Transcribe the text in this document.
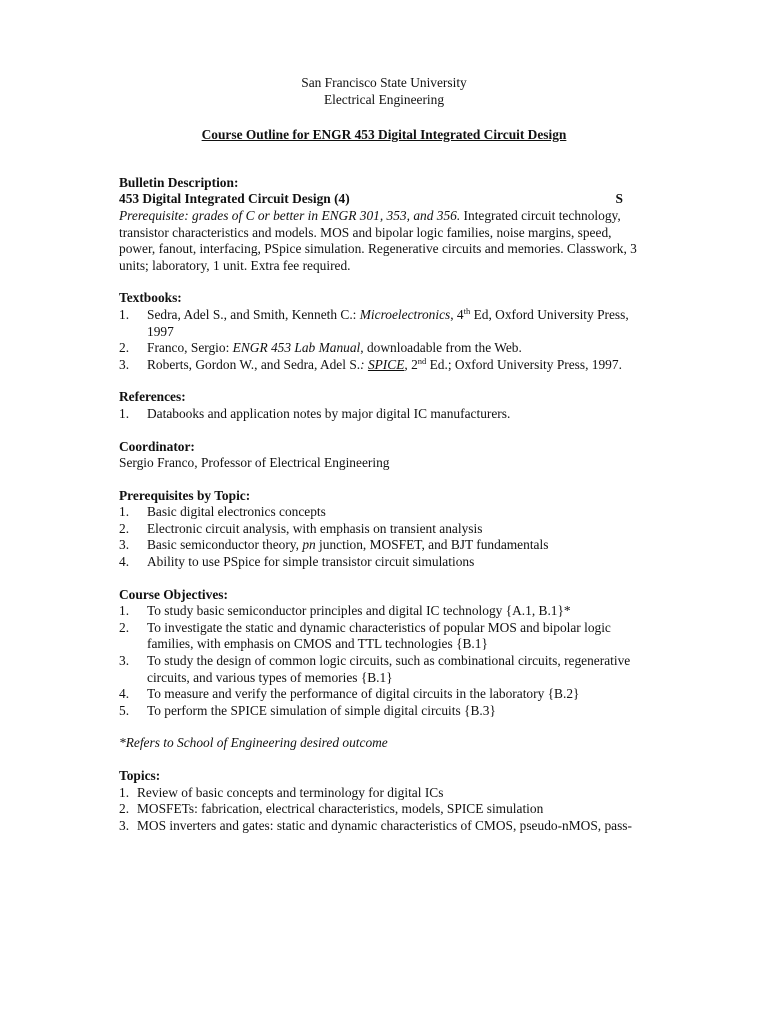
San Francisco State University
Electrical Engineering
Course Outline for ENGR 453 Digital Integrated Circuit Design
Bulletin Description:
453 Digital Integrated Circuit Design (4)	S
Prerequisite: grades of C or better in ENGR 301, 353, and 356. Integrated circuit technology, transistor characteristics and models. MOS and bipolar logic families, noise margins, speed, power, fanout, interfacing, PSpice simulation. Regenerative circuits and memories. Classwork, 3 units; laboratory, 1 unit. Extra fee required.
Textbooks:
1. Sedra, Adel S., and Smith, Kenneth C.: Microelectronics, 4th Ed, Oxford University Press, 1997
2. Franco, Sergio: ENGR 453 Lab Manual, downloadable from the Web.
3. Roberts, Gordon W., and Sedra, Adel S.: SPICE, 2nd Ed.; Oxford University Press, 1997.
References:
1. Databooks and application notes by major digital IC manufacturers.
Coordinator:
Sergio Franco, Professor of Electrical Engineering
Prerequisites by Topic:
1. Basic digital electronics concepts
2. Electronic circuit analysis, with emphasis on transient analysis
3. Basic semiconductor theory, pn junction, MOSFET, and BJT fundamentals
4. Ability to use PSpice for simple transistor circuit simulations
Course Objectives:
1. To study basic semiconductor principles and digital IC technology {A.1, B.1}*
2. To investigate the static and dynamic characteristics of popular MOS and bipolar logic families, with emphasis on CMOS and TTL technologies {B.1}
3. To study the design of common logic circuits, such as combinational circuits, regenerative circuits, and various types of memories {B.1}
4. To measure and verify the performance of digital circuits in the laboratory {B.2}
5. To perform the SPICE simulation of simple digital circuits {B.3}
*Refers to School of Engineering desired outcome
Topics:
1. Review of basic concepts and terminology for digital ICs
2. MOSFETs: fabrication, electrical characteristics, models, SPICE simulation
3. MOS inverters and gates: static and dynamic characteristics of CMOS, pseudo-nMOS, pass-
